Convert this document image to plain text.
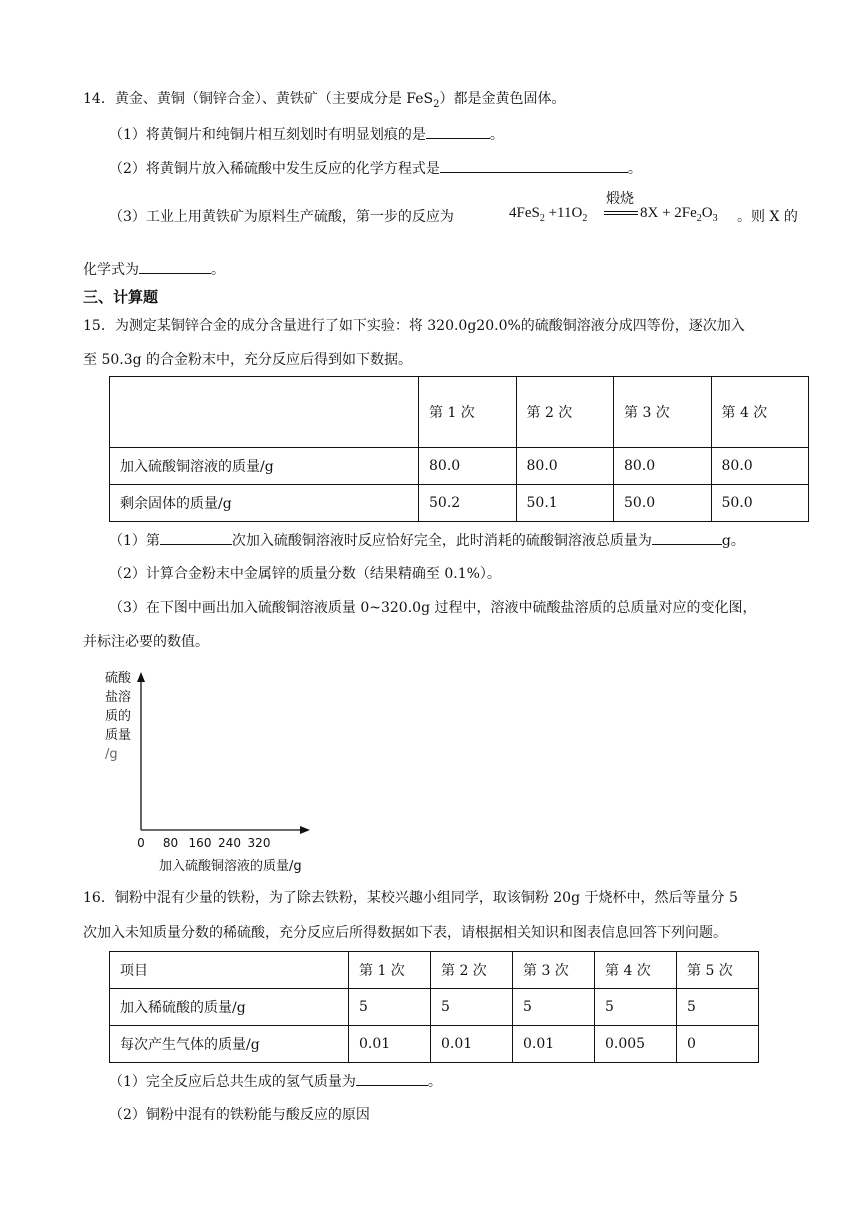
14．黄金、黄铜（铜锌合金）、黄铁矿（主要成分是 FeS$_2$）都是金黄色固体。
（1）将黄铜片和纯铜片相互刻划时有明显划痕的是	。
（2）将黄铜片放入稀硫酸中发生反应的化学方程式是	。
（3）工业上用黄铁矿为原料生产硫酸，第一步的反应为	$4FeS_2 +11O_2$
煅烧
$8X + 2Fe_2O_3$ 。则 X 的
化学式为	。
三、计算题
15．为测定某铜锌合金的成分含量进行了如下实验：将 320.0g20.0%的硫酸铜溶液分成四等份，逐次加入
至 50.3g 的合金粉末中，充分反应后得到如下数据。
	第 1 次	第 2 次	第 3 次	第 4 次
加入硫酸铜溶液的质量/g	80.0	80.0	80.0	80.0
剩余固体的质量/g	50.2	50.1	50.0	50.0
（1）第	次加入硫酸铜溶液时反应恰好完全，此时消耗的硫酸铜溶液总质量为	g。
（2）计算合金粉末中金属锌的质量分数（结果精确至 0.1%）。
（3）在下图中画出加入硫酸铜溶液质量 0~320.0g 过程中，溶液中硫酸盐溶质的总质量对应的变化图，
并标注必要的数值。
硫酸
盐溶
质的
质量
/g
0 80 160 240 320
加入硫酸铜溶液的质量/g
16．铜粉中混有少量的铁粉，为了除去铁粉，某校兴趣小组同学，取该铜粉 20g 于烧杯中，然后等量分 5
次加入未知质量分数的稀硫酸，充分反应后所得数据如下表，请根据相关知识和图表信息回答下列问题。
项目	第 1 次	第 2 次	第 3 次	第 4 次	第 5 次
加入稀硫酸的质量/g	5	5	5	5	5
每次产生气体的质量/g	0.01	0.01	0.01	0.005	0
（1）完全反应后总共生成的氢气质量为	。
（2）铜粉中混有的铁粉能与酸反应的原因
